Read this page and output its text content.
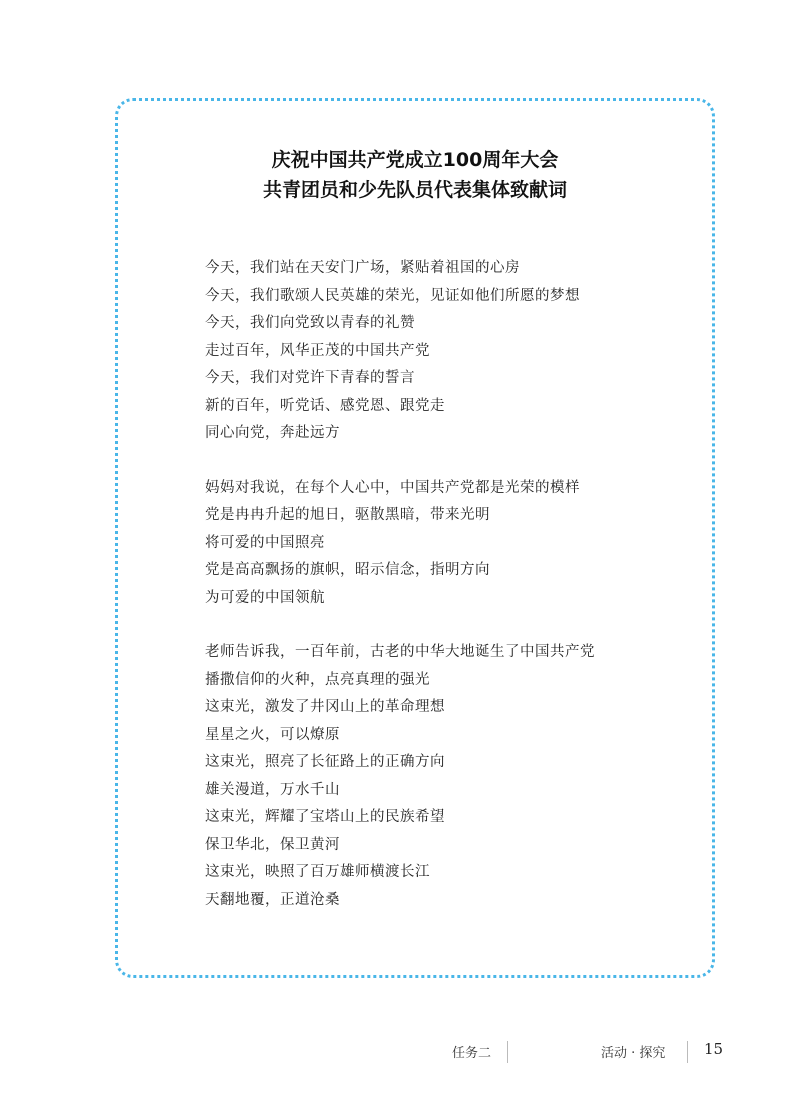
庆祝中国共产党成立100周年大会
共青团员和少先队员代表集体致献词
今天，我们站在天安门广场，紧贴着祖国的心房
今天，我们歌颂人民英雄的荣光，见证如他们所愿的梦想
今天，我们向党致以青春的礼赞
走过百年，风华正茂的中国共产党
今天，我们对党许下青春的誓言
新的百年，听党话、感党恩、跟党走
同心向党，奔赴远方
妈妈对我说，在每个人心中，中国共产党都是光荣的模样
党是冉冉升起的旭日，驱散黑暗，带来光明
将可爱的中国照亮
党是高高飘扬的旗帜，昭示信念，指明方向
为可爱的中国领航
老师告诉我，一百年前，古老的中华大地诞生了中国共产党
播撒信仰的火种，点亮真理的强光
这束光，激发了井冈山上的革命理想
星星之火，可以燎原
这束光，照亮了长征路上的正确方向
雄关漫道，万水千山
这束光，辉耀了宝塔山上的民族希望
保卫华北，保卫黄河
这束光，映照了百万雄师横渡长江
天翻地覆，正道沧桑
任务二	活动 · 探究	15
